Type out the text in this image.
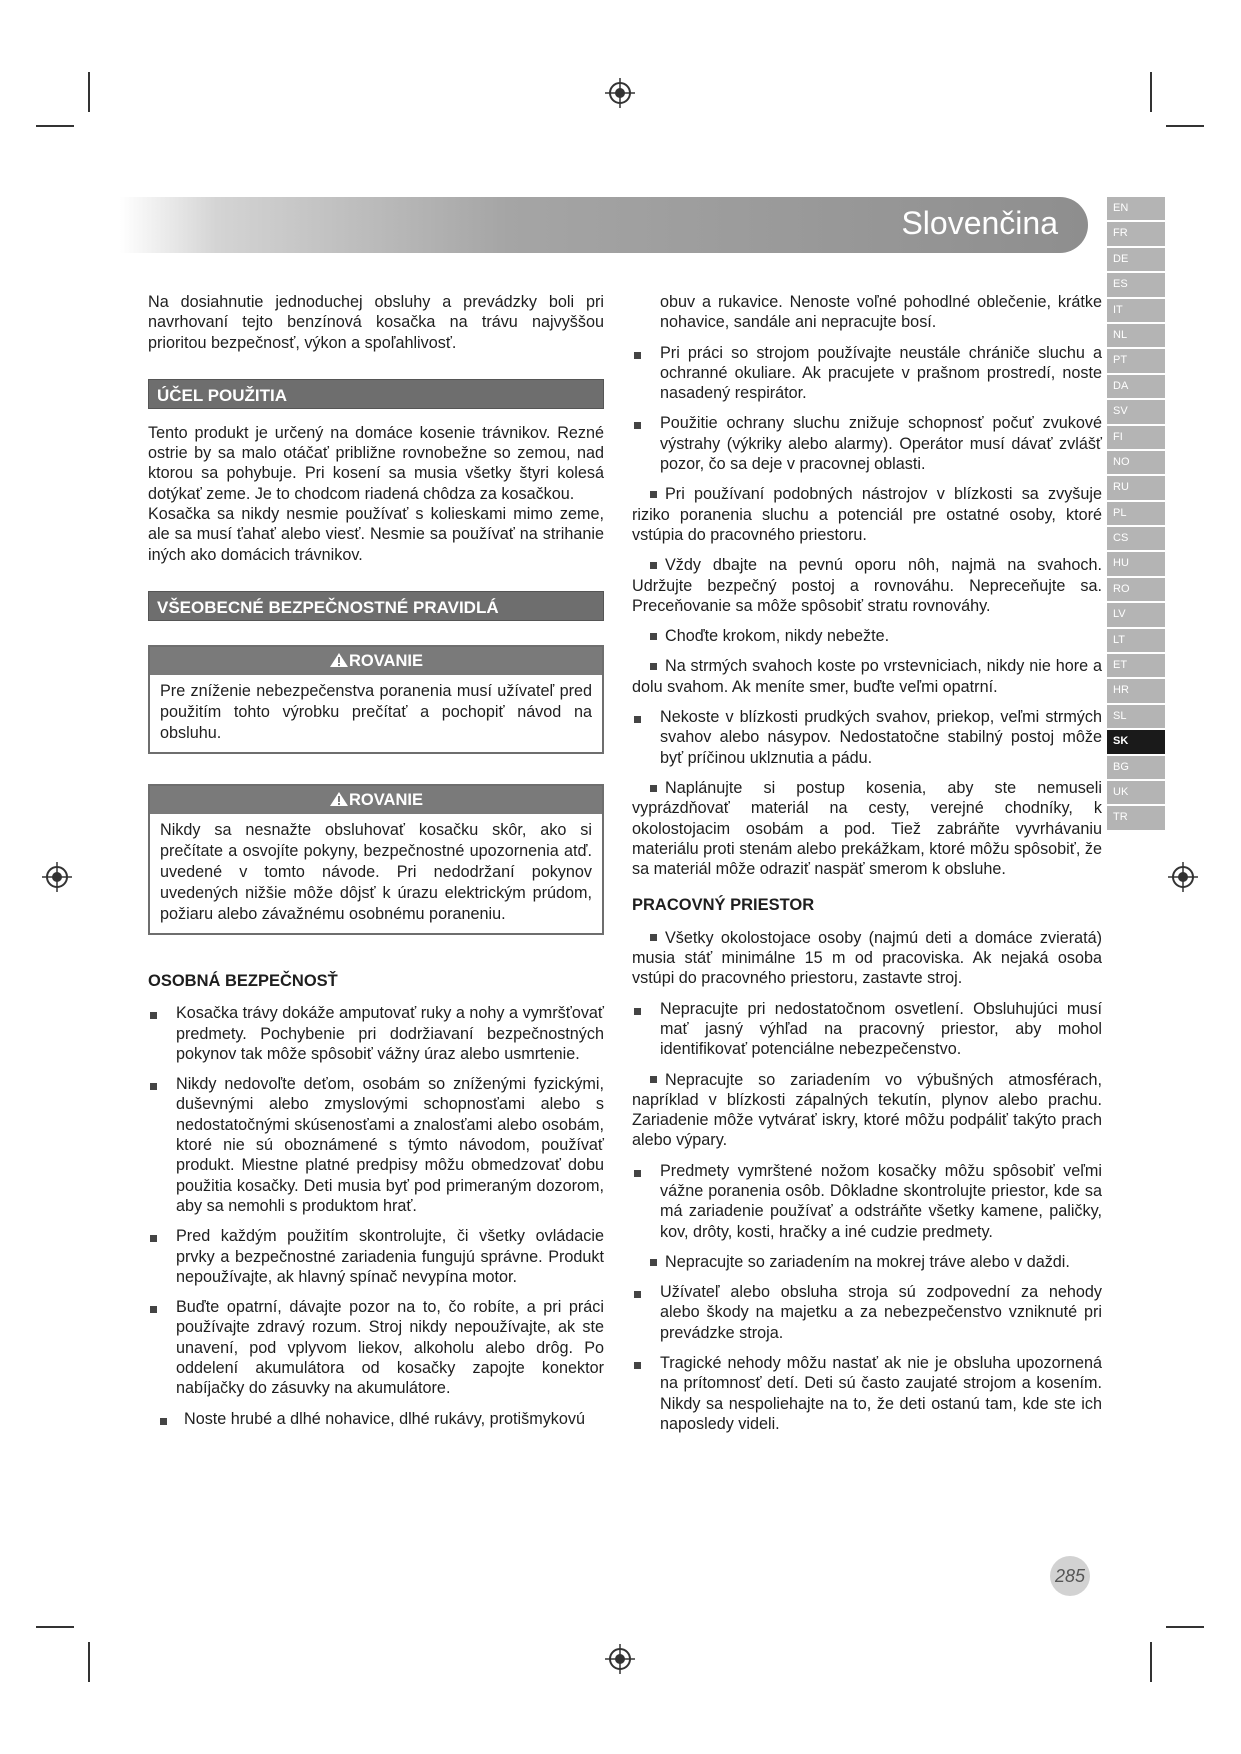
Slovenčina	EN
FR
DE
ES
IT
NL
PT
DA
SV
FI
NO
RU
PL
CS
HU
RO
LV
LT
ET
HR
SL
SK
BG
UK
TR

Na dosiahnutie jednoduchej obsluhy a prevádzky boli pri navrhovaní tejto benzínová kosačka na trávu najvyššou prioritou bezpečnosť, výkon a spoľahlivosť.

ÚČEL POUŽITIA

Tento produkt je určený na domáce kosenie trávnikov. Rezné ostrie by sa malo otáčať približne rovnobežne so zemou, nad ktorou sa pohybuje. Pri kosení sa musia všetky štyri kolesá dotýkať zeme. Je to chodcom riadená chôdza za kosačkou.

Kosačka sa nikdy nesmie používať s kolieskami mimo zeme, ale sa musí ťahať alebo viesť. Nesmie sa používať na strihanie iných ako domácich trávnikov.

VŠEOBECNÉ BEZPEČNOSTNÉ PRAVIDLÁ
ROVANIE
Pre zníženie nebezpečenstva poranenia musí užívateľ pred použitím tohto výrobku prečítať a pochopiť návod na obsluhu.
ROVANIE
Nikdy sa nesnažte obsluhovať kosačku skôr, ako si prečítate a osvojíte pokyny, bezpečnostné upozornenia atď. uvedené v tomto návode. Pri nedodržaní pokynov uvedených nižšie môže dôjsť k úrazu elektrickým prúdom, požiaru alebo závažnému osobnému poraneniu.
OSOBNÁ BEZPEČNOSŤ
Kosačka trávy dokáže amputovať ruky a nohy a vymršťovať predmety. Pochybenie pri dodržiavaní bezpečnostných pokynov tak môže spôsobiť vážny úraz alebo usmrtenie.
Nikdy nedovoľte deťom, osobám so zníženými fyzickými, duševnými alebo zmyslovými schopnosťami alebo s nedostatočnými skúsenosťami a znalosťami alebo osobám, ktoré nie sú oboznámené s týmto návodom, používať produkt. Miestne platné predpisy môžu obmedzovať dobu použitia kosačky. Deti musia byť pod primeraným dozorom, aby sa nemohli s produktom hrať.
Pred každým použitím skontrolujte, či všetky ovládacie prvky a bezpečnostné zariadenia fungujú správne. Produkt nepoužívajte, ak hlavný spínač nevypína motor.
Buďte opatrní, dávajte pozor na to, čo robíte, a pri práci používajte zdravý rozum. Stroj nikdy nepoužívajte, ak ste unavení, pod vplyvom liekov, alkoholu alebo drôg. Po oddelení akumulátora od kosačky zapojte konektor nabíjačky do zásuvky na akumulátore.
Noste hrubé a dlhé nohavice, dlhé rukávy, protišmykovú

obuv a rukavice. Nenoste voľné pohodlné oblečenie, krátke nohavice, sandále ani nepracujte bosí.

Pri práci so strojom používajte neustále chrániče sluchu a ochranné okuliare. Ak pracujete v prašnom prostredí, noste nasadený respirátor.
Použitie ochrany sluchu znižuje schopnosť počuť zvukové výstrahy (výkriky alebo alarmy). Operátor musí dávať zvlášť pozor, čo sa deje v pracovnej oblasti.
Pri používaní podobných nástrojov v blízkosti sa zvyšuje riziko poranenia sluchu a potenciál pre ostatné osoby, ktoré vstúpia do pracovného priestoru.
Vždy dbajte na pevnú oporu nôh, najmä na svahoch. Udržujte bezpečný postoj a rovnováhu. Nepreceňujte sa. Preceňovanie sa môže spôsobiť stratu rovnováhy.
Choďte krokom, nikdy nebežte.
Na strmých svahoch koste po vrstevniciach, nikdy nie hore a dolu svahom. Ak meníte smer, buďte veľmi opatrní.
Nekoste v blízkosti prudkých svahov, priekop, veľmi strmých svahov alebo násypov. Nedostatočne stabilný postoj môže byť príčinou uklznutia a pádu.
Naplánujte si postup kosenia, aby ste nemuseli vyprázdňovať materiál na cesty, verejné chodníky, k okolostojacim osobám a pod. Tiež zabráňte vyvrhávaniu materiálu proti stenám alebo prekážkam, ktoré môžu spôsobiť, že sa materiál môže odraziť naspäť smerom k obsluhe.
PRACOVNÝ PRIESTOR
Všetky okolostojace osoby (najmú deti a domáce zvieratá) musia stáť minimálne 15 m od pracoviska. Ak nejaká osoba vstúpi do pracovného priestoru, zastavte stroj.
Nepracujte pri nedostatočnom osvetlení. Obsluhujúci musí mať jasný výhľad na pracovný priestor, aby mohol identifikovať potenciálne nebezpečenstvo.
Nepracujte so zariadením vo výbušných atmosférach, napríklad v blízkosti zápalných tekutín, plynov alebo prachu. Zariadenie môže vytvárať iskry, ktoré môžu podpáliť takýto prach alebo výpary.
Predmety vymrštené nožom kosačky môžu spôsobiť veľmi vážne poranenia osôb. Dôkladne skontrolujte priestor, kde sa má zariadenie používať a odstráňte všetky kamene, paličky, kov, drôty, kosti, hračky a iné cudzie predmety.
Nepracujte so zariadením na mokrej tráve alebo v daždi.
Užívateľ alebo obsluha stroja sú zodpovední za nehody alebo škody na majetku a za nebezpečenstvo vzniknuté pri prevádzke stroja.
Tragické nehody môžu nastať ak nie je obsluha upozornená na prítomnosť detí. Deti sú často zaujaté strojom a kosením. Nikdy sa nespoliehajte na to, že deti ostanú tam, kde ste ich naposledy videli.
285
